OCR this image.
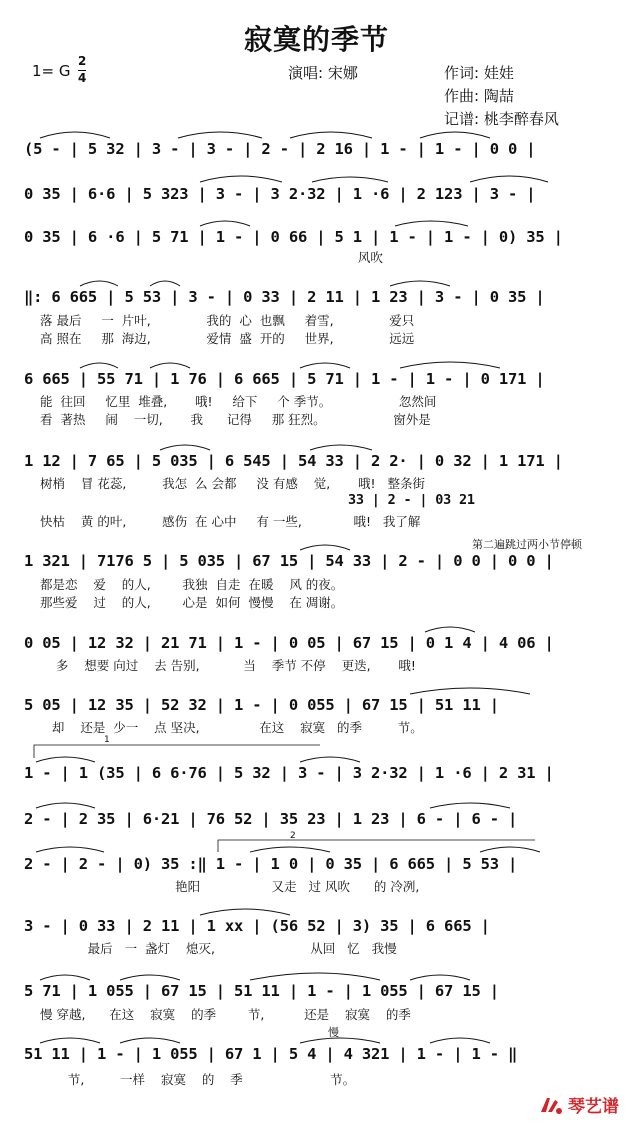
寂寞的季节
1= G
2
4	演唱: 宋娜	作词: 娃娃
作曲: 陶喆
记谱: 桃李醉春风
(5 - | 5 32 | 3 - | 3 - | 2 - | 2 16 | 1 - | 1 - | 0 0 |
0 35 | 6·6 | 5 323 | 3 - | 3 2·32 | 1 ·6 | 2 123 | 3 - |
0 35 | 6 ·6 | 5 71 | 1 - | 0 66 | 5 1 | 1 - | 1 - | 0) 35 |
风吹
‖: 6 665 | 5 53 | 3 - | 0 33 | 2 11 | 1 23 | 3 - | 0 35 |
落 最后     一  片叶,              我的  心  也飘     着雪,              爱只
高 照在     那  海边,              爱情  盛  开的     世界,              远远
6 665 | 55 71 | 1 76 | 6 665 | 5 71 | 1 - | 1 - | 0 171 |
能  往回     忆里  堆叠,       哦!     给下     个 季节。                 忽然间
看  著热     闹    一切,       我      记得     那 狂烈。                 窗外是
1 12 | 7 65 | 5 035 | 6 545 | 54 33 | 2 2· | 0 32 | 1 171 |
树梢    冒 花蕊,         我怎  么 会都     没 有感    觉,       哦!   整条街
33 | 2 - | 03 21
快枯    黄 的叶,         感伤  在 心中     有 一些,             哦!   我了解
第二遍跳过两小节停顿
1 321 | 7176 5 | 5 035 | 67 15 | 54 33 | 2 - | 0 0 | 0 0 |
都是恋    爱    的人,        我独  自走  在暖    风 的夜。
那些爱    过    的人,        心是  如何  慢慢    在 凋谢。
0 05 | 12 32 | 21 71 | 1 - | 0 05 | 67 15 | 0 1 4 | 4 06 |
多    想要 向过    去 告别,           当    季节 不停    更迭,       哦!
5 05 | 12 35 | 52 32 | 1 - | 0 055 | 67 15 | 51 11 |
却    还是  少一    点 坚决,               在这    寂寞   的季         节。
1
1 - | 1 (35 | 6 6·76 | 5 32 | 3 - | 3 2·32 | 1 ·6 | 2 31 |
2 - | 2 35 | 6·21 | 76 52 | 35 23 | 1 23 | 6 - | 6 - |
2
2 - | 2 - | 0) 35 :‖ 1 - | 1 0 | 0 35 | 6 665 | 5 53 |
艳阳                  又走   过 风吹      的 冷冽,
3 - | 0 33 | 2 11 | 1 xx | (56 52 | 3) 35 | 6 665 |
最后   一  盏灯    熄灭,                        从回   忆   我慢
5 71 | 1 055 | 67 15 | 51 11 | 1 - | 1 055 | 67 15 |
慢 穿越,      在这    寂寞    的季        节,          还是    寂寞    的季
慢
51 11 | 1 - | 1 055 | 67 1 | 5 4 | 4 321 | 1 - | 1 - ‖
节,         一样    寂寞    的    季                      节。
琴艺谱
